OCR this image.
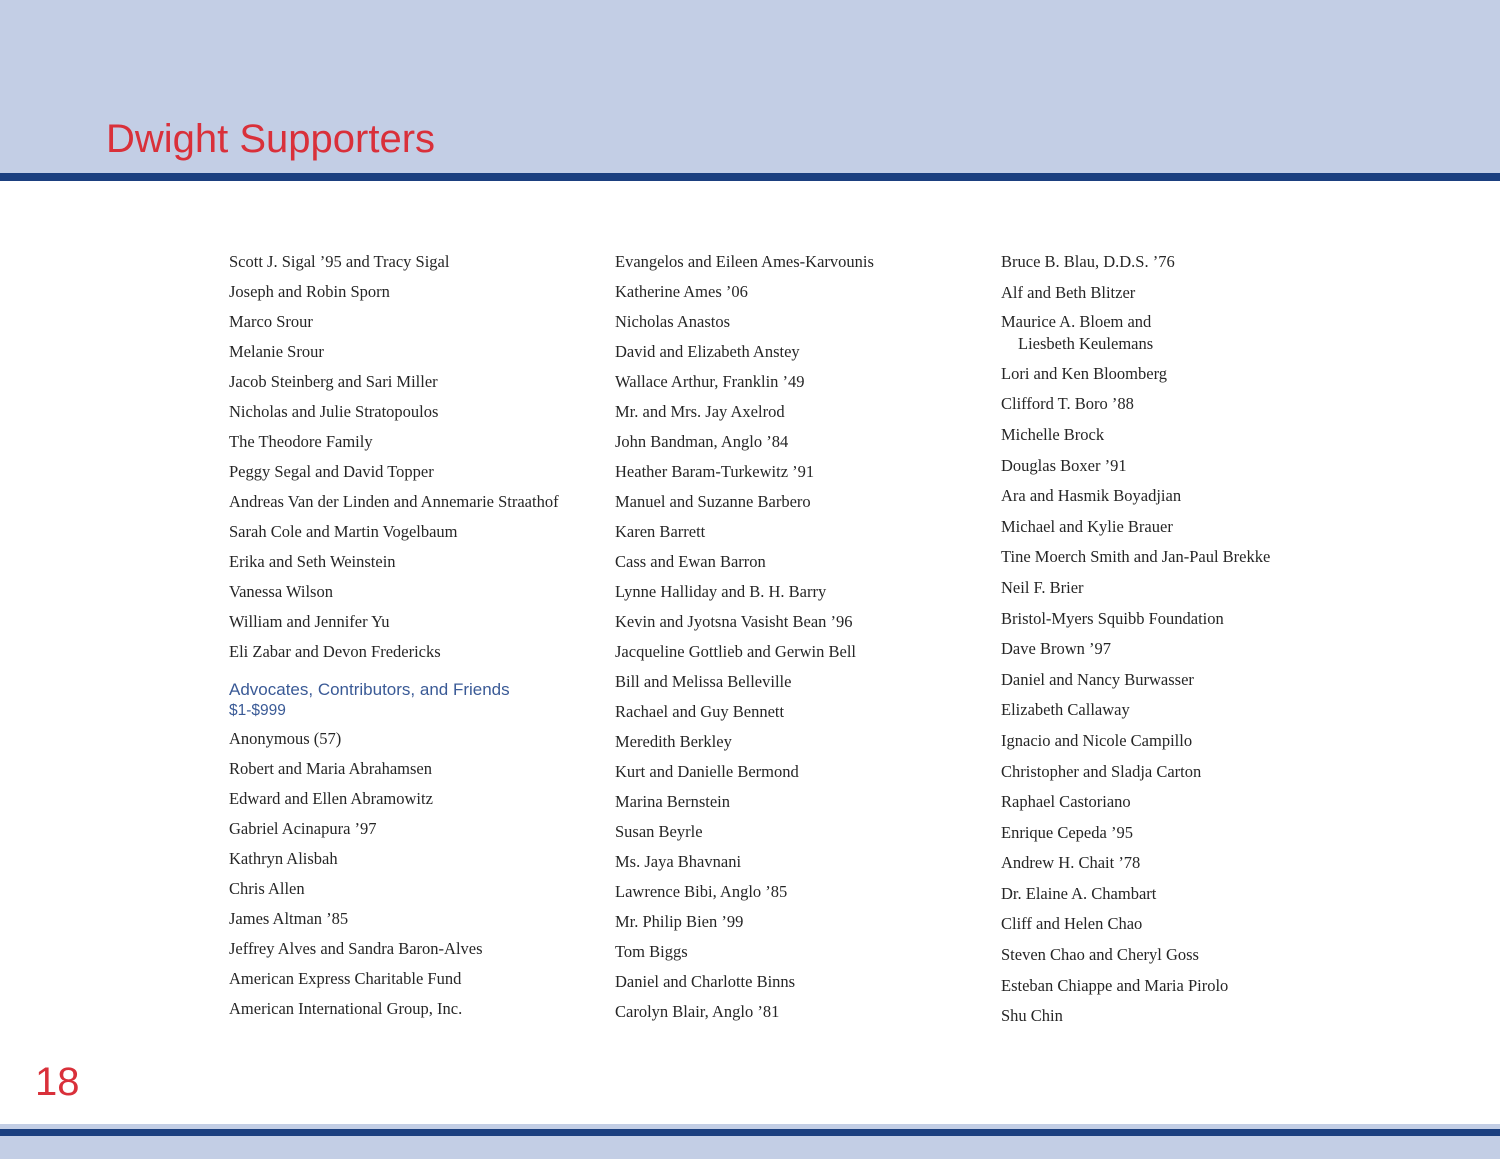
Dwight Supporters
Scott J. Sigal ’95 and Tracy Sigal
Joseph and Robin Sporn
Marco Srour
Melanie Srour
Jacob Steinberg and Sari Miller
Nicholas and Julie Stratopoulos
The Theodore Family
Peggy Segal and David Topper
Andreas Van der Linden and Annemarie Straathof
Sarah Cole and Martin Vogelbaum
Erika and Seth Weinstein
Vanessa Wilson
William and Jennifer Yu
Eli Zabar and Devon Fredericks
Advocates, Contributors, and Friends
$1-$999
Anonymous (57)
Robert and Maria Abrahamsen
Edward and Ellen Abramowitz
Gabriel Acinapura ’97
Kathryn Alisbah
Chris Allen
James Altman ’85
Jeffrey Alves and Sandra Baron-Alves
American Express Charitable Fund
American International Group, Inc.
Evangelos and Eileen Ames-Karvounis
Katherine Ames ’06
Nicholas Anastos
David and Elizabeth Anstey
Wallace Arthur, Franklin ’49
Mr. and Mrs. Jay Axelrod
John Bandman, Anglo ’84
Heather Baram-Turkewitz ’91
Manuel and Suzanne Barbero
Karen Barrett
Cass and Ewan Barron
Lynne Halliday and B. H. Barry
Kevin and Jyotsna Vasisht Bean ’96
Jacqueline Gottlieb and Gerwin Bell
Bill and Melissa Belleville
Rachael and Guy Bennett
Meredith Berkley
Kurt and Danielle Bermond
Marina Bernstein
Susan Beyrle
Ms. Jaya Bhavnani
Lawrence Bibi, Anglo ’85
Mr. Philip Bien ’99
Tom Biggs
Daniel and Charlotte Binns
Carolyn Blair, Anglo ’81
Bruce B. Blau, D.D.S. ’76
Alf and Beth Blitzer
Maurice A. Bloem and
Liesbeth Keulemans
Lori and Ken Bloomberg
Clifford T. Boro ’88
Michelle Brock
Douglas Boxer ’91
Ara and Hasmik Boyadjian
Michael and Kylie Brauer
Tine Moerch Smith and Jan-Paul Brekke
Neil F. Brier
Bristol-Myers Squibb Foundation
Dave Brown ’97
Daniel and Nancy Burwasser
Elizabeth Callaway
Ignacio and Nicole Campillo
Christopher and Sladja Carton
Raphael Castoriano
Enrique Cepeda ’95
Andrew H. Chait ’78
Dr. Elaine A. Chambart
Cliff and Helen Chao
Steven Chao and Cheryl Goss
Esteban Chiappe and Maria Pirolo
Shu Chin
18
